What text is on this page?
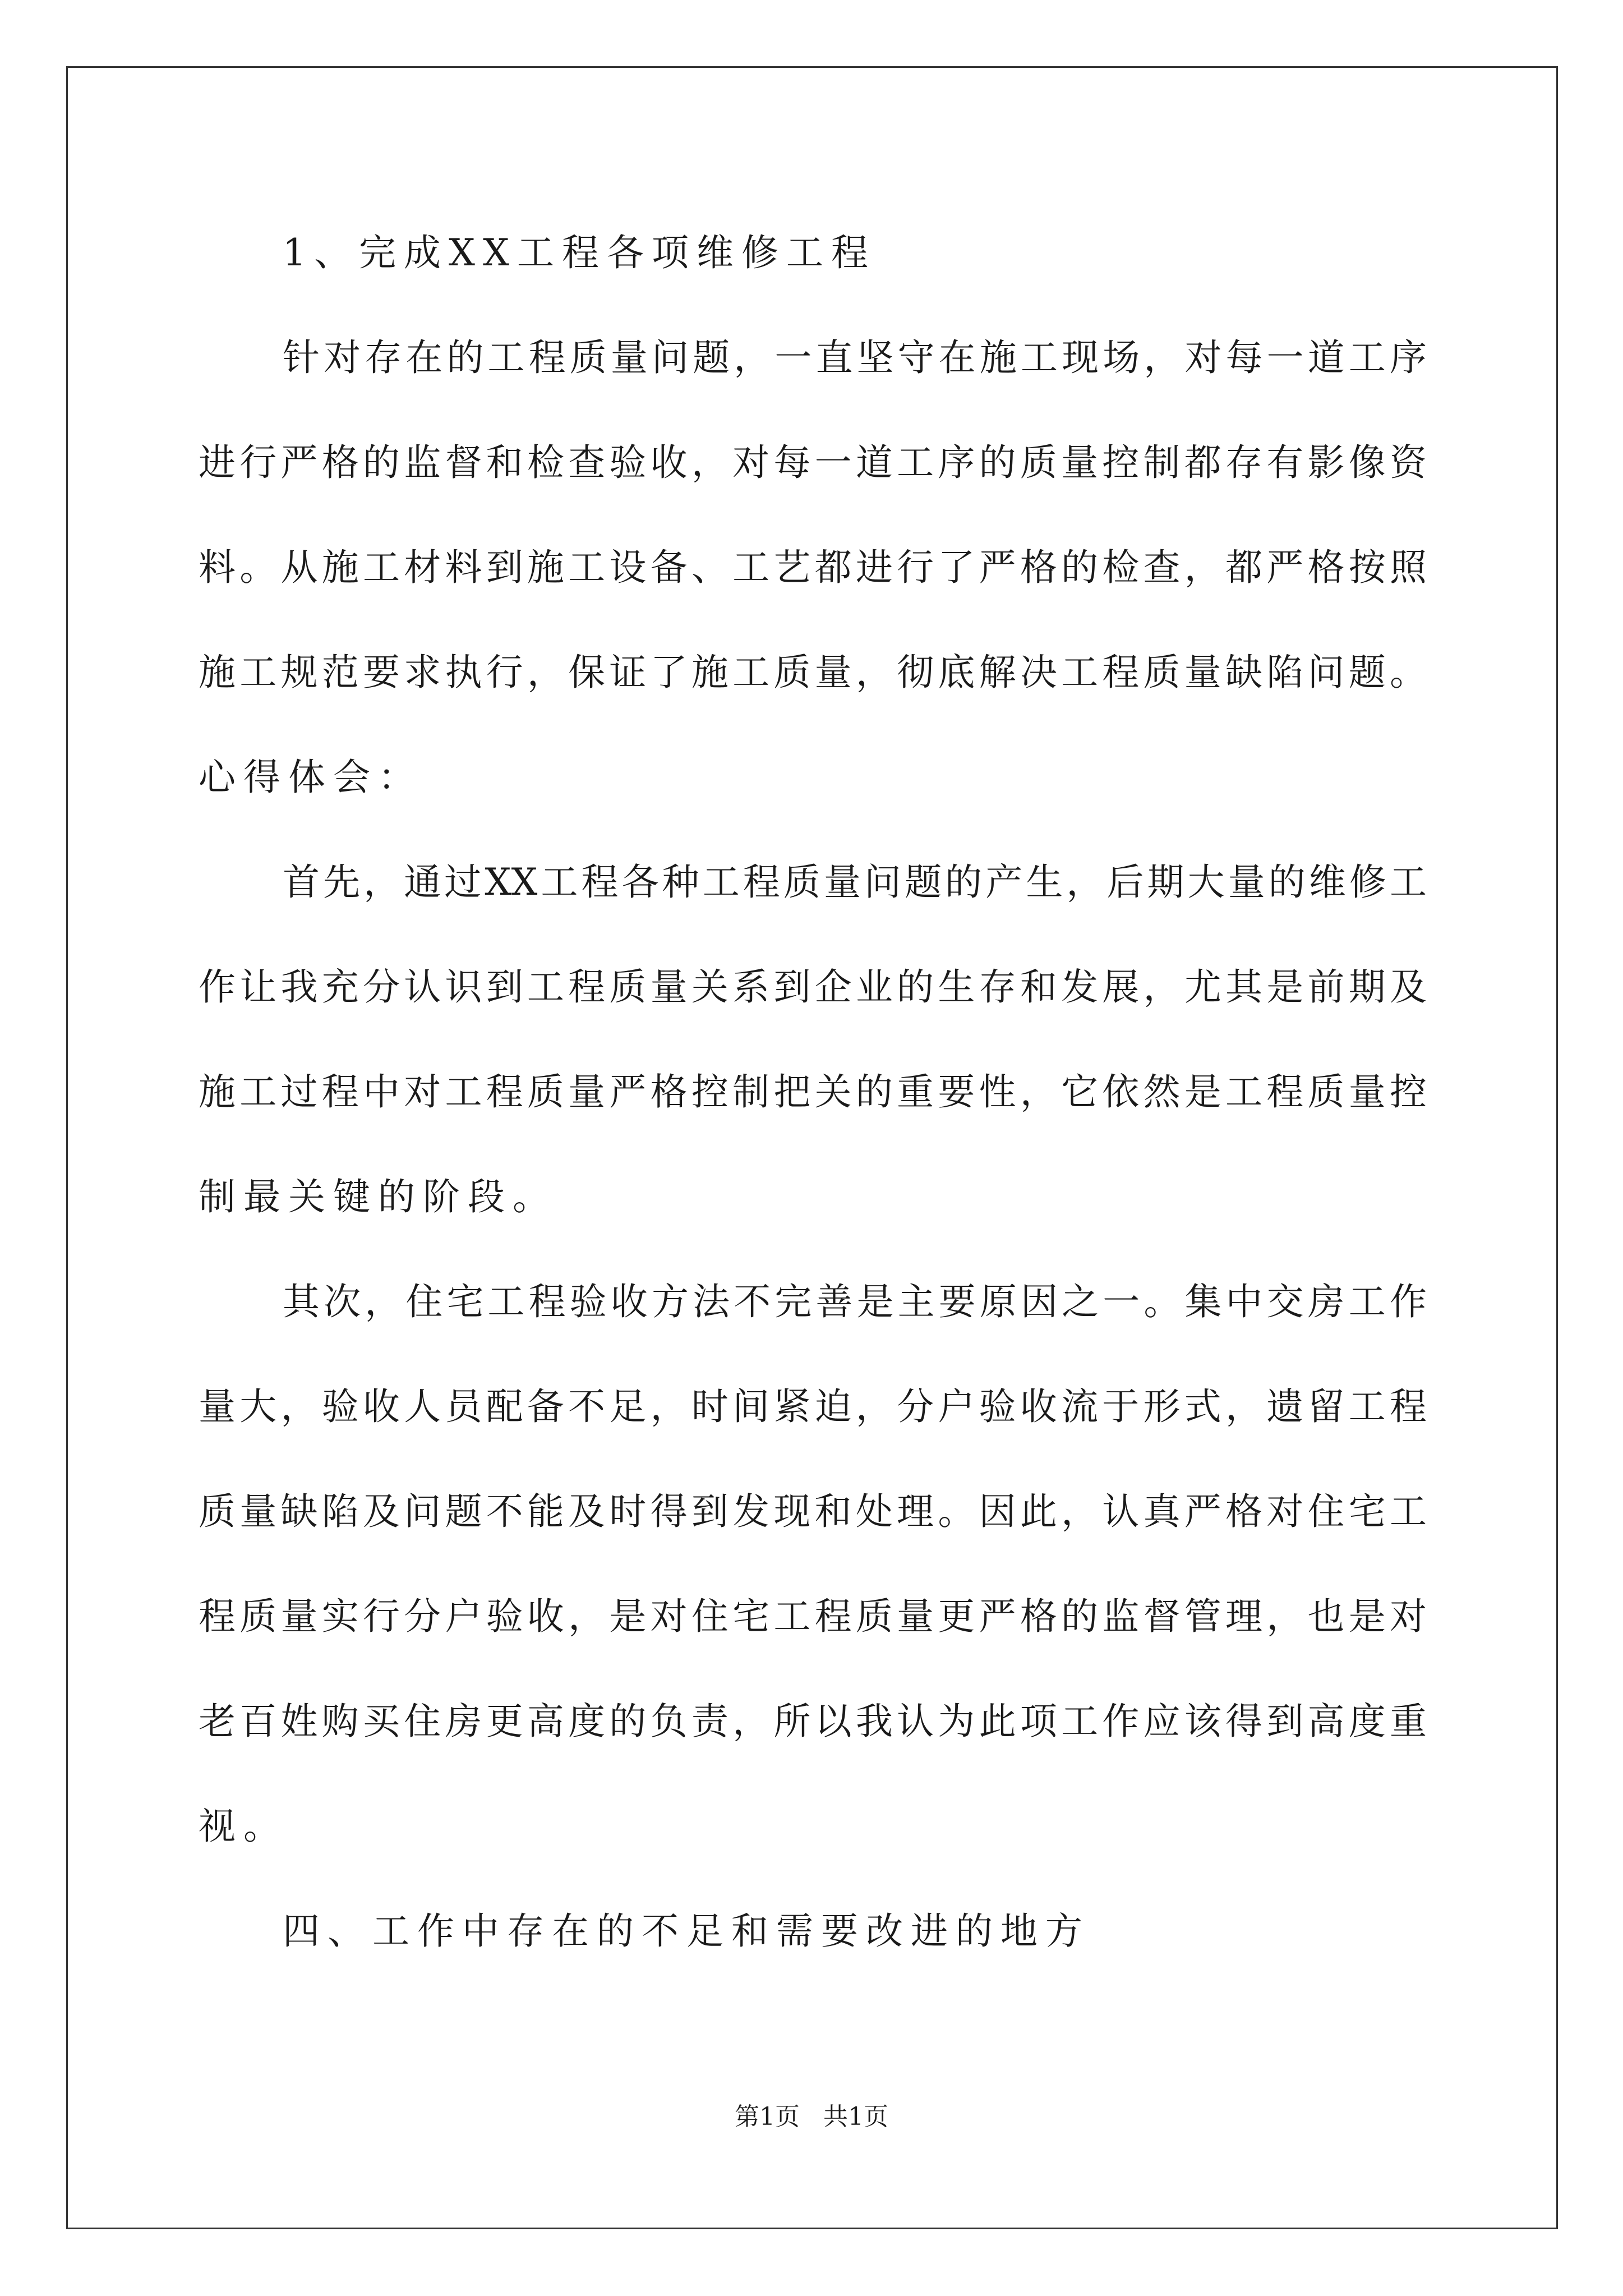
1、完成XX工程各项维修工程
针对存在的工程质量问题，一直坚守在施工现场，对每一道工序
进行严格的监督和检查验收，对每一道工序的质量控制都存有影像资
料。从施工材料到施工设备、工艺都进行了严格的检查，都严格按照
施工规范要求执行，保证了施工质量，彻底解决工程质量缺陷问题。
心得体会：
首先，通过XX工程各种工程质量问题的产生，后期大量的维修工
作让我充分认识到工程质量关系到企业的生存和发展，尤其是前期及
施工过程中对工程质量严格控制把关的重要性，它依然是工程质量控
制最关键的阶段。
其次，住宅工程验收方法不完善是主要原因之一。集中交房工作
量大，验收人员配备不足，时间紧迫，分户验收流于形式，遗留工程
质量缺陷及问题不能及时得到发现和处理。因此，认真严格对住宅工
程质量实行分户验收，是对住宅工程质量更严格的监督管理，也是对
老百姓购买住房更高度的负责，所以我认为此项工作应该得到高度重
视。
四、工作中存在的不足和需要改进的地方
第1页 共1页
